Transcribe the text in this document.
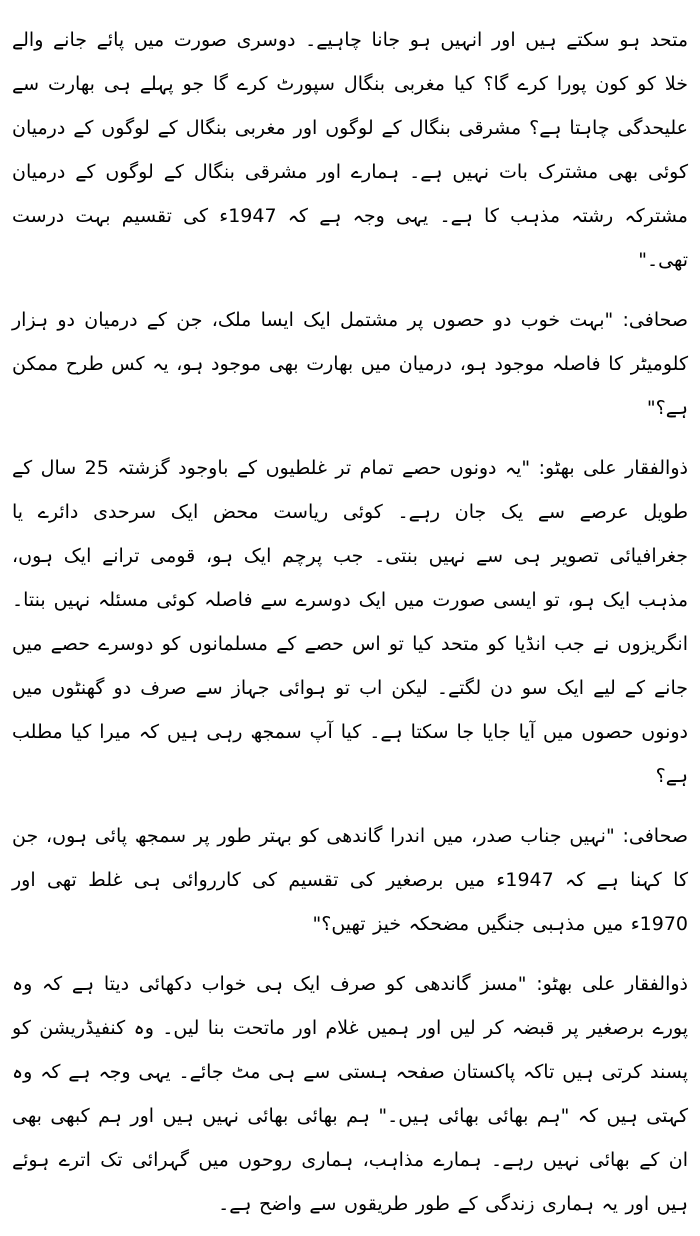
متحد ہو سکتے ہیں اور انہیں ہو جانا چاہیے۔ دوسری صورت میں پائے جانے والے خلا کو کون پورا کرے گا؟ کیا مغربی بنگال سپورٹ کرے گا جو پہلے ہی بھارت سے علیحدگی چاہتا ہے؟ مشرقی بنگال کے لوگوں اور مغربی بنگال کے لوگوں کے درمیان کوئی بھی مشترک بات نہیں ہے۔ ہمارے اور مشرقی بنگال کے لوگوں کے درمیان مشترکہ رشتہ مذہب کا ہے۔ یہی وجہ ہے کہ 1947ء کی تقسیم بہت درست تھی۔"

صحافی: "بہت خوب دو حصوں پر مشتمل ایک ایسا ملک، جن کے درمیان دو ہزار کلومیٹر کا فاصلہ موجود ہو، درمیان میں بھارت بھی موجود ہو، یہ کس طرح ممکن ہے؟"

ذوالفقار علی بھٹو: "یہ دونوں حصے تمام تر غلطیوں کے باوجود گزشتہ 25 سال کے طویل عرصے سے یک جان رہے۔ کوئی ریاست محض ایک سرحدی دائرے یا جغرافیائی تصویر ہی سے نہیں بنتی۔ جب پرچم ایک ہو، قومی ترانے ایک ہوں، مذہب ایک ہو، تو ایسی صورت میں ایک دوسرے سے فاصلہ کوئی مسئلہ نہیں بنتا۔ انگریزوں نے جب انڈیا کو متحد کیا تو اس حصے کے مسلمانوں کو دوسرے حصے میں جانے کے لیے ایک سو دن لگتے۔ لیکن اب تو ہوائی جہاز سے صرف دو گھنٹوں میں دونوں حصوں میں آیا جایا جا سکتا ہے۔ کیا آپ سمجھ رہی ہیں کہ میرا کیا مطلب ہے؟

صحافی: "نہیں جناب صدر، میں اندرا گاندھی کو بہتر طور پر سمجھ پائی ہوں، جن کا کہنا ہے کہ 1947ء میں برصغیر کی تقسیم کی کارروائی ہی غلط تھی اور 1970ء میں مذہبی جنگیں مضحکہ خیز تھیں؟"

ذوالفقار علی بھٹو: "مسز گاندھی کو صرف ایک ہی خواب دکھائی دیتا ہے کہ وہ پورے برصغیر پر قبضہ کر لیں اور ہمیں غلام اور ماتحت بنا لیں۔ وہ کنفیڈریشن کو پسند کرتی ہیں تاکہ پاکستان صفحہ ہستی سے ہی مٹ جائے۔ یہی وجہ ہے کہ وہ کہتی ہیں کہ "ہم بھائی بھائی ہیں۔" ہم بھائی بھائی نہیں ہیں اور ہم کبھی بھی ان کے بھائی نہیں رہے۔ ہمارے مذاہب، ہماری روحوں میں گہرائی تک اترے ہوئے ہیں اور یہ ہماری زندگی کے طور طریقوں سے واضح ہے۔
